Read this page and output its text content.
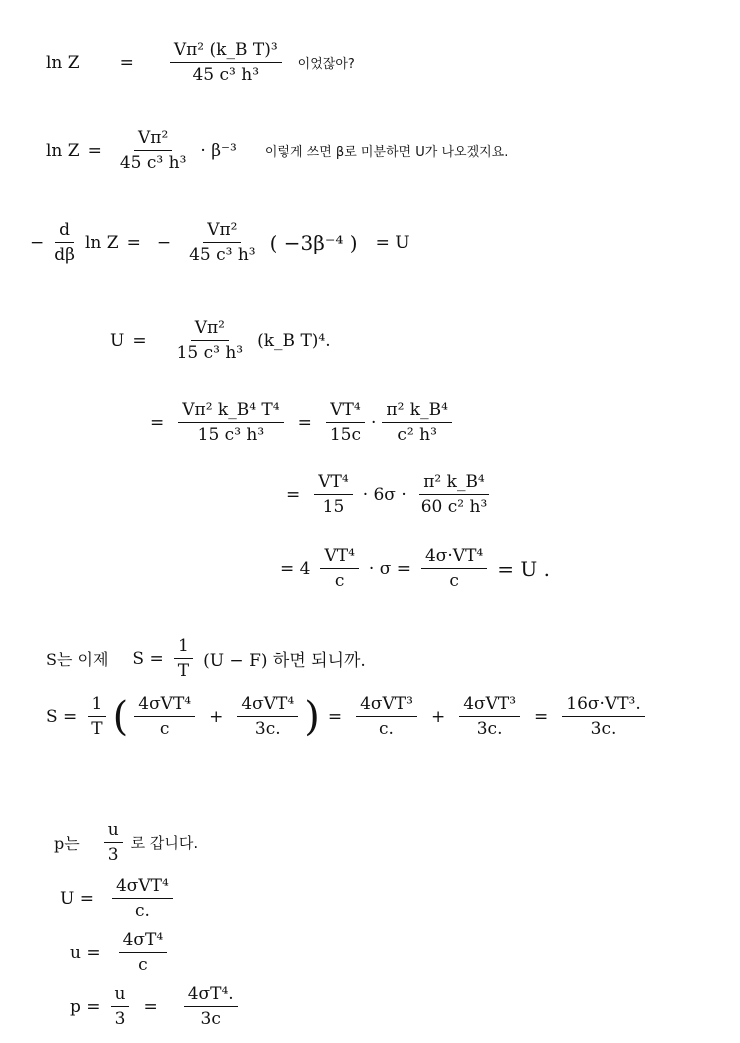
$\ln Z = \frac{\text{Vπ² (k\_B T)³}}{\text{45 c³ h³}}$ 이었잖아?
$\ln Z = \frac{\text{Vπ²}}{\text{45 c³ h³}} \cdot \beta^{-3}$ 이렇게 쓰면 β로 미분하면 U가 나오겠지요.
− $\frac{d}{d\beta}$ ln Z = − $\frac{\text{Vπ²}}{\text{45 c³ h³}}$ ( −3β⁻⁴ ) = U
$U = \frac{\text{Vπ²}}{\text{15 c³ h³}}$ (k_B T)⁴.
= $\frac{\text{Vπ² k\_B⁴ T⁴}}{\text{15 c³ h³}} = \frac{\text{VT⁴}}{15c} \cdot \frac{\text{π² k\_B⁴}}{\text{c² h³}}$
= $\frac{\text{VT⁴}}{15} \cdot 6\sigma \cdot \frac{\text{π² k\_B⁴}}{\text{60 c² h³}}$
= $4 \frac{\text{VT⁴}}{c} \cdot \sigma = \frac{\text{4σ·VT⁴}}{c} = U$ .
S는 이제 $S = \frac{1}{T} (U - F)$ 하면 되니까.
$S = \frac{1}{T}$ ( $\frac{\text{4σVT⁴}}{c} + \frac{\text{4σVT⁴}}{3c.}$ ) = $\frac{\text{4σVT³}}{c.} + \frac{\text{4σVT³}}{3c.} = \frac{\text{16σ·VT³.}}{3c.}$
p는 $\frac{u}{3}$ 로 갑니다.
$U = \frac{\text{4σVT⁴}}{c.}$
$u = \frac{\text{4σT⁴}}{c}$
$p = \frac{u}{3} = \frac{\text{4σT⁴.}}{3c}$
